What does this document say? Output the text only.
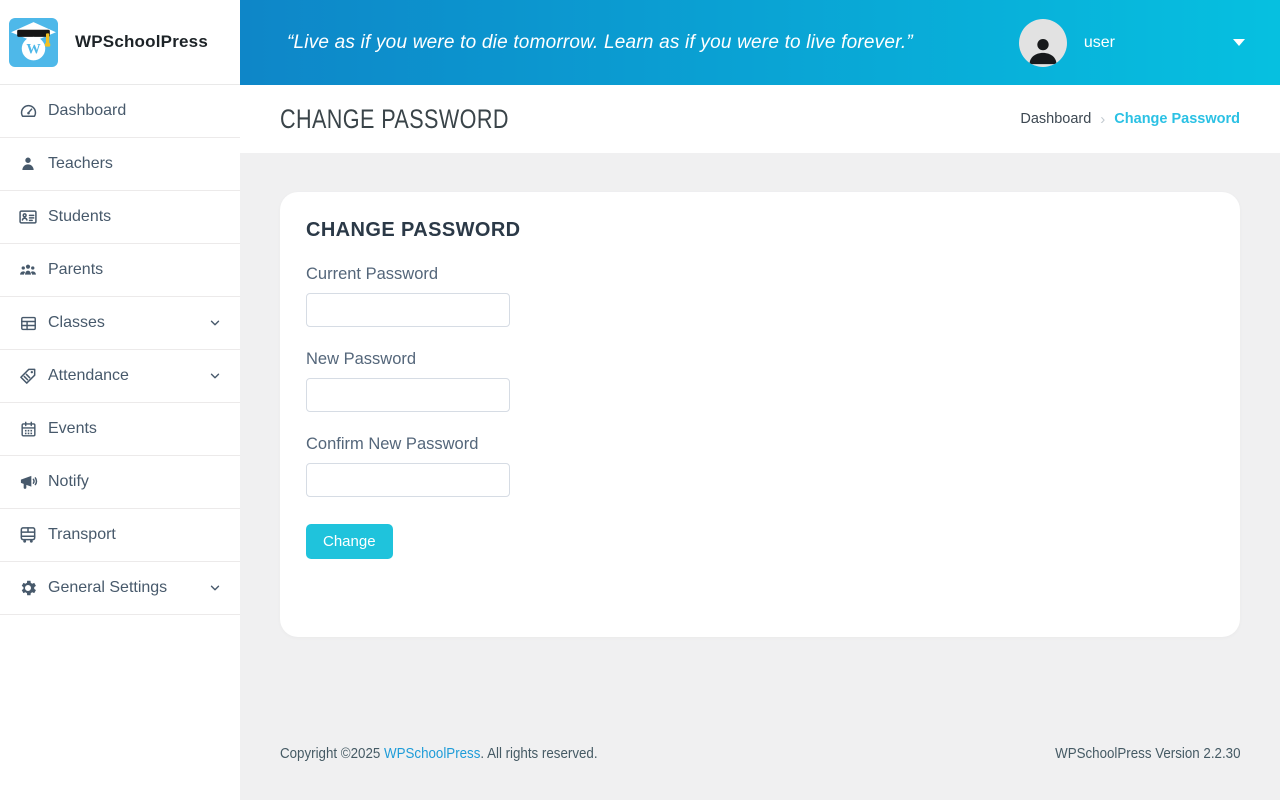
W WPSchoolPress
Dashboard
Teachers
Students
Parents
Classes
Attendance
Events
Notify
Transport
General Settings
“Live as if you were to die tomorrow. Learn as if you were to live forever.”	user
CHANGE PASSWORD	Dashboard › Change Password
CHANGE PASSWORD
Current Password
New Password
Confirm New Password
Change
Copyright ©2025 WPSchoolPress. All rights reserved.	WPSchoolPress Version 2.2.30
